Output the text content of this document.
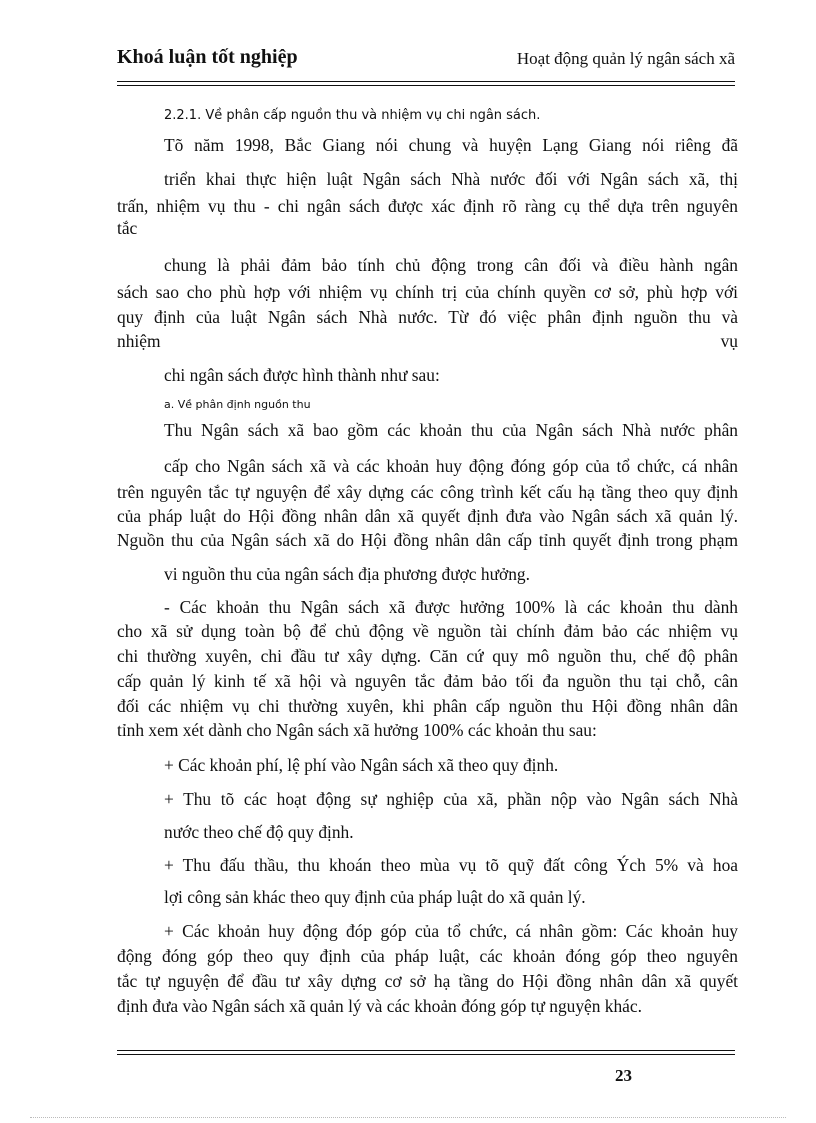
Khoá luận tốt nghiệp	Hoạt động quản lý ngân sách xã
2.2.1. Về phân cấp nguồn thu và nhiệm vụ chi ngân sách.
Tõ năm 1998, Bắc Giang nói chung và huyện Lạng Giang nói riêng đã
triển khai thực hiện luật Ngân sách Nhà nước đối với Ngân sách xã, thị
trấn, nhiệm vụ thu - chi ngân sách được xác định rõ ràng cụ thể dựa trên nguyên
tắc
chung là phải đảm bảo tính chủ động trong cân đối và điều hành ngân
sách sao cho phù hợp với nhiệm vụ chính trị của chính quyền cơ sở, phù hợp với
quy định của luật Ngân sách Nhà nước. Từ đó việc phân định nguồn thu và
nhiệm	vụ
chi ngân sách được hình thành như sau:
a. Về phân định nguồn thu
Thu Ngân sách xã bao gồm các khoản thu của Ngân sách Nhà nước phân
cấp cho Ngân sách xã và các khoản huy động đóng góp của tổ chức, cá nhân
trên nguyên tắc tự nguyện để xây dựng các công trình kết cấu hạ tầng theo quy định
của pháp luật do Hội đồng nhân dân xã quyết định đưa vào Ngân sách xã quản lý.
Nguồn thu của Ngân sách xã do Hội đồng nhân dân cấp tỉnh quyết định trong phạm
vi nguồn thu của ngân sách địa phương được hưởng.
- Các khoản thu Ngân sách xã được hưởng 100% là các khoản thu dành
cho xã sử dụng toàn bộ để chủ động về nguồn tài chính đảm bảo các nhiệm vụ
chi thường xuyên, chi đầu tư xây dựng. Căn cứ quy mô nguồn thu, chế độ phân
cấp quản lý kinh tế xã hội và nguyên tắc đảm bảo tối đa nguồn thu tại chỗ, cân
đối các nhiệm vụ chi thường xuyên, khi phân cấp nguồn thu Hội đồng nhân dân
tỉnh xem xét dành cho Ngân sách xã hưởng 100% các khoản thu sau:
+ Các khoản phí, lệ phí vào Ngân sách xã theo quy định.
+ Thu tõ các hoạt động sự nghiệp của xã, phần nộp vào Ngân sách Nhà
nước theo chế độ quy định.
+ Thu đấu thầu, thu khoán theo mùa vụ tõ quỹ đất công Ých 5% và hoa
lợi công sản khác theo quy định của pháp luật do xã quản lý.
+ Các khoản huy động đóp góp của tổ chức, cá nhân gồm: Các khoản huy
động đóng góp theo quy định của pháp luật, các khoản đóng góp theo nguyên
tắc tự nguyện để đầu tư xây dựng cơ sở hạ tầng do Hội đồng nhân dân xã quyết
định đưa vào Ngân sách xã quản lý và các khoản đóng góp tự nguyện khác.
23
